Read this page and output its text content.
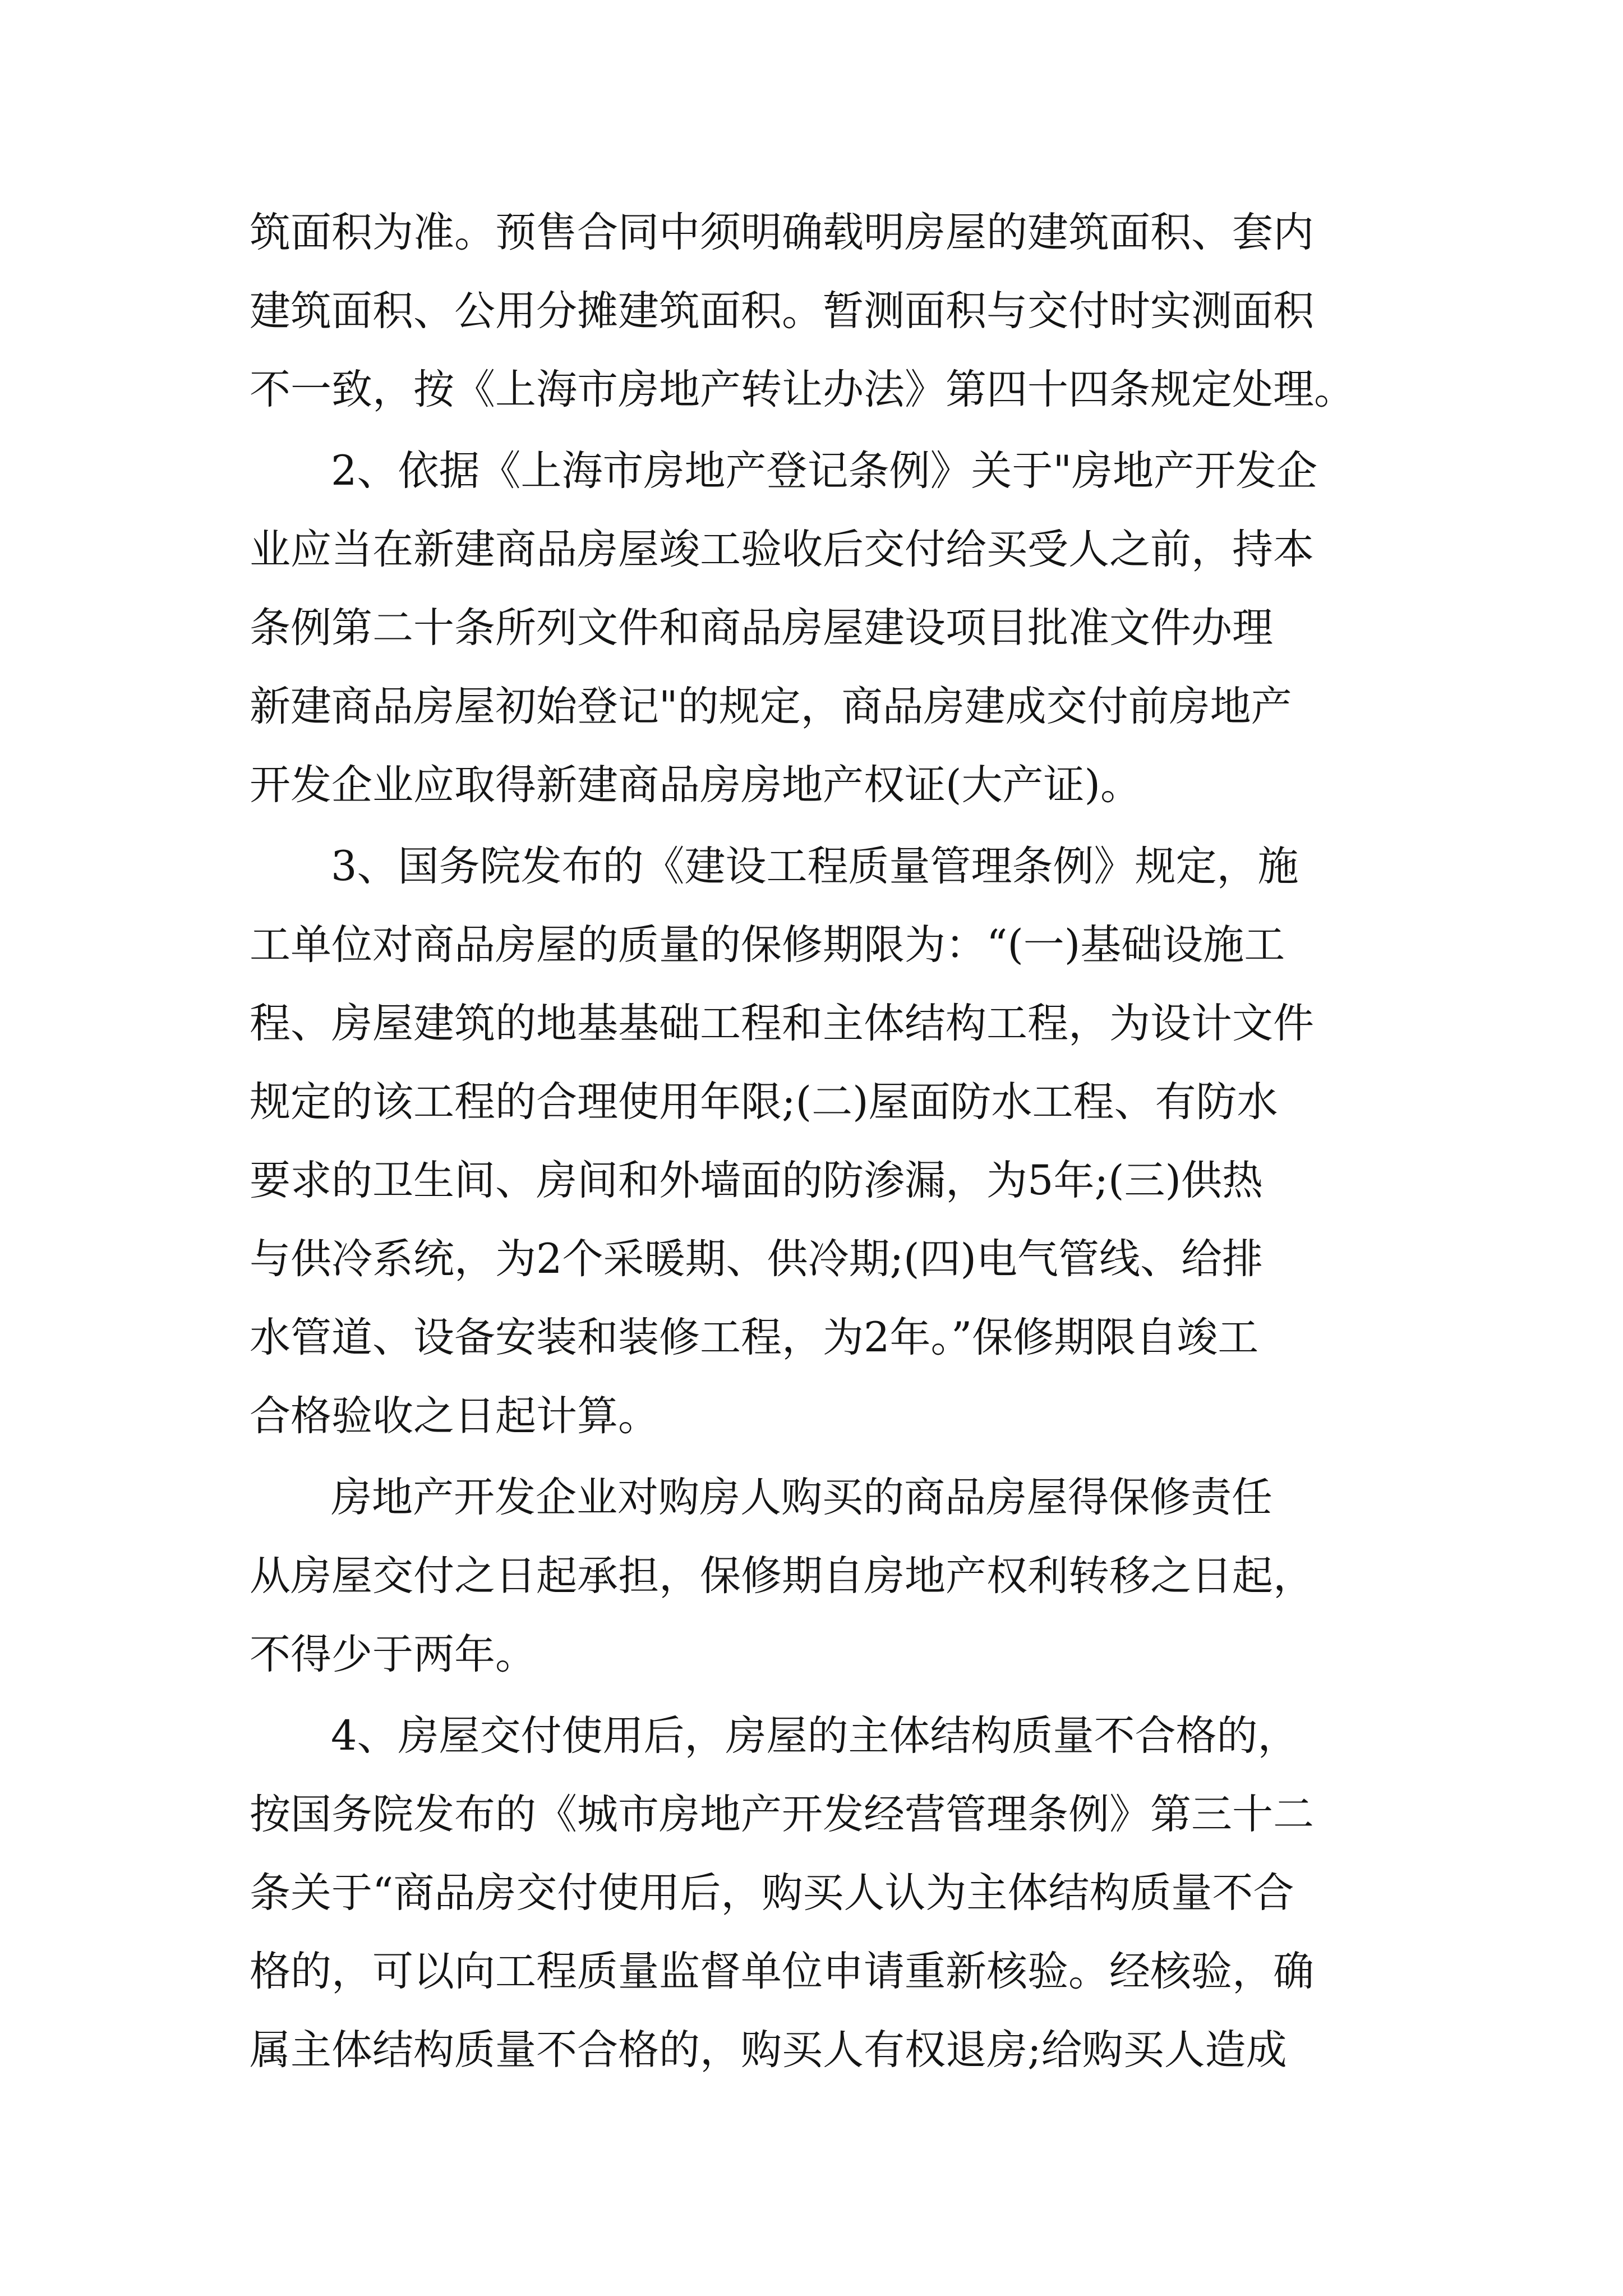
筑面积为准。预售合同中须明确载明房屋的建筑面积、套内
建筑面积、公用分摊建筑面积。暂测面积与交付时实测面积
不一致，按《上海市房地产转让办法》第四十四条规定处理。
2、依据《上海市房地产登记条例》关于"房地产开发企
业应当在新建商品房屋竣工验收后交付给买受人之前，持本
条例第二十条所列文件和商品房屋建设项目批准文件办理
新建商品房屋初始登记"的规定，商品房建成交付前房地产
开发企业应取得新建商品房房地产权证(大产证)。
3、国务院发布的《建设工程质量管理条例》规定，施
工单位对商品房屋的质量的保修期限为：“(一)基础设施工
程、房屋建筑的地基基础工程和主体结构工程，为设计文件
规定的该工程的合理使用年限;(二)屋面防水工程、有防水
要求的卫生间、房间和外墙面的防渗漏，为5年;(三)供热
与供冷系统，为2个采暖期、供冷期;(四)电气管线、给排
水管道、设备安装和装修工程，为2年。”保修期限自竣工
合格验收之日起计算。
房地产开发企业对购房人购买的商品房屋得保修责任
从房屋交付之日起承担，保修期自房地产权利转移之日起，
不得少于两年。
4、房屋交付使用后，房屋的主体结构质量不合格的，
按国务院发布的《城市房地产开发经营管理条例》第三十二
条关于“商品房交付使用后，购买人认为主体结构质量不合
格的，可以向工程质量监督单位申请重新核验。经核验，确
属主体结构质量不合格的，购买人有权退房;给购买人造成
